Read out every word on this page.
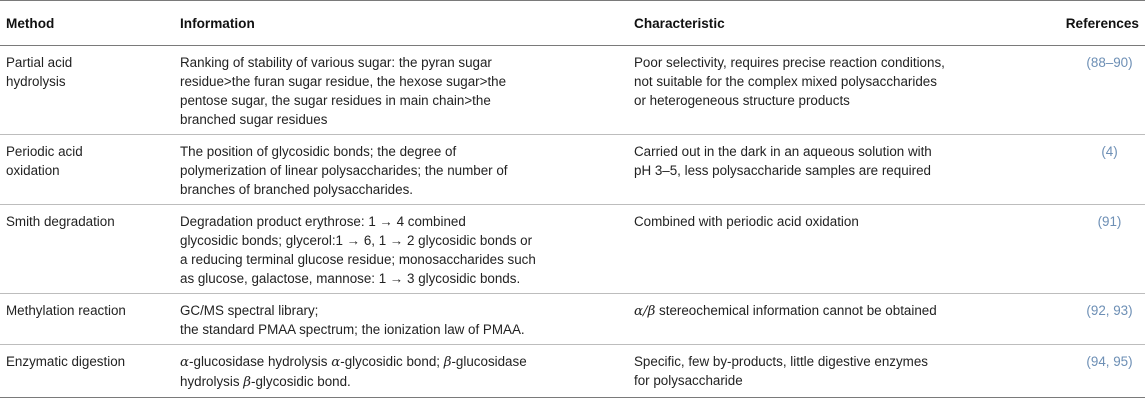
Method	Information	Characteristic	References

Partial acid
hydrolysis	Ranking of stability of various sugar: the pyran sugar
residue>the furan sugar residue, the hexose sugar>the
pentose sugar, the sugar residues in main chain>the
branched sugar residues	Poor selectivity, requires precise reaction conditions,
not suitable for the complex mixed polysaccharides
or heterogeneous structure products	(88–90)

Periodic acid
oxidation	The position of glycosidic bonds; the degree of
polymerization of linear polysaccharides; the number of
branches of branched polysaccharides.	Carried out in the dark in an aqueous solution with
pH 3–5, less polysaccharide samples are required	(4)

Smith degradation	Degradation product erythrose: 1 → 4 combined
glycosidic bonds; glycerol:1 → 6, 1 → 2 glycosidic bonds or
a reducing terminal glucose residue; monosaccharides such
as glucose, galactose, mannose: 1 → 3 glycosidic bonds.	Combined with periodic acid oxidation	(91)

Methylation reaction	GC/MS spectral library;
the standard PMAA spectrum; the ionization law of PMAA.	α/β stereochemical information cannot be obtained	(92, 93)

Enzymatic digestion	α-glucosidase hydrolysis α-glycosidic bond; β-glucosidase
hydrolysis β-glycosidic bond.	Specific, few by-products, little digestive enzymes
for polysaccharide	(94, 95)
